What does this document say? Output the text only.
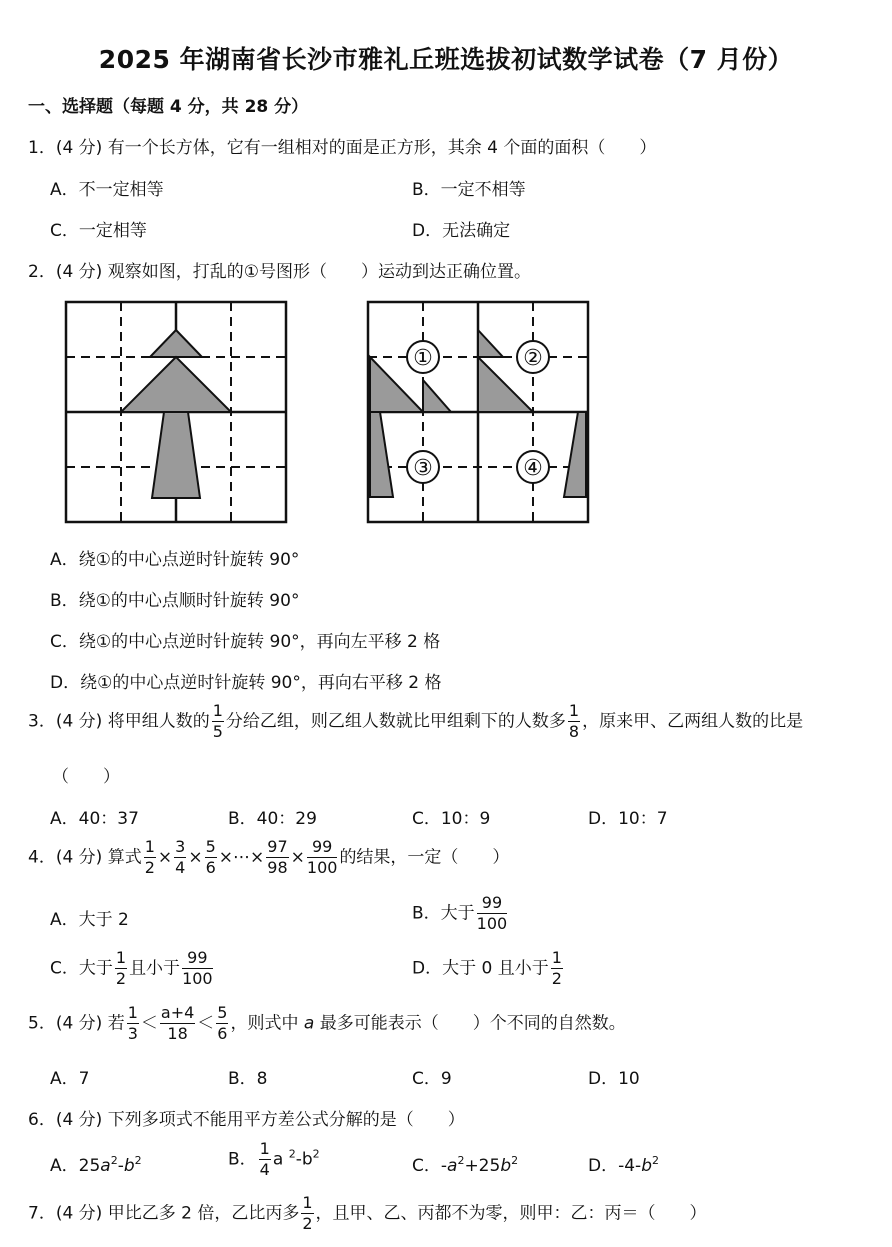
2025 年湖南省长沙市雅礼丘班选拔初试数学试卷（7 月份）
一、选择题（每题 4 分，共 28 分）
1．(4 分) 有一个长方体，它有一组相对的面是正方形，其余 4 个面的面积（　　）
A．不一定相等	B．一定不相等
C．一定相等	D．无法确定
2．(4 分) 观察如图，打乱的①号图形（　　）运动到达正确位置。
①	②
③	④
A．绕①的中心点逆时针旋转 90°
B．绕①的中心点顺时针旋转 90°
C．绕①的中心点逆时针旋转 90°，再向左平移 2 格
D．绕①的中心点逆时针旋转 90°，再向右平移 2 格
3．(4 分) 将甲组人数的 $\frac{1}{5}$ 分给乙组，则乙组人数就比甲组剩下的人数多 $\frac{1}{8}$ ，原来甲、乙两组人数的比是
（　　）
A．40：37	B．40：29	C．10：9	D．10：7
4．(4 分) 算式 $\frac{1}{2} \times \frac{3}{4} \times \frac{5}{6}$ ×⋯× $\frac{97}{98} \times \frac{99}{100}$ 的结果，一定（　　）
A．大于 2	B．大于 $\frac{99}{100}$
C．大于 $\frac{1}{2}$ 且小于 $\frac{99}{100}$	D．大于 0 且小于 $\frac{1}{2}$
5．(4 分) 若 $\frac{1}{3} < \frac{a+4}{18} < \frac{5}{6}$ ，则式中 a 最多可能表示（　　）个不同的自然数。
A．7	B．8	C．9	D．10
6．(4 分) 下列多项式不能用平方差公式分解的是（　　）
A．$25a^2-b^2$	B． $\frac{1}{4}$ a $^2-b^2$
C．$-a^2+25b^2$	D．$-4-b^2$
7．(4 分) 甲比乙多 2 倍，乙比丙多 $\frac{1}{2}$ ，且甲、乙、丙都不为零，则甲：乙：丙＝（　　）
